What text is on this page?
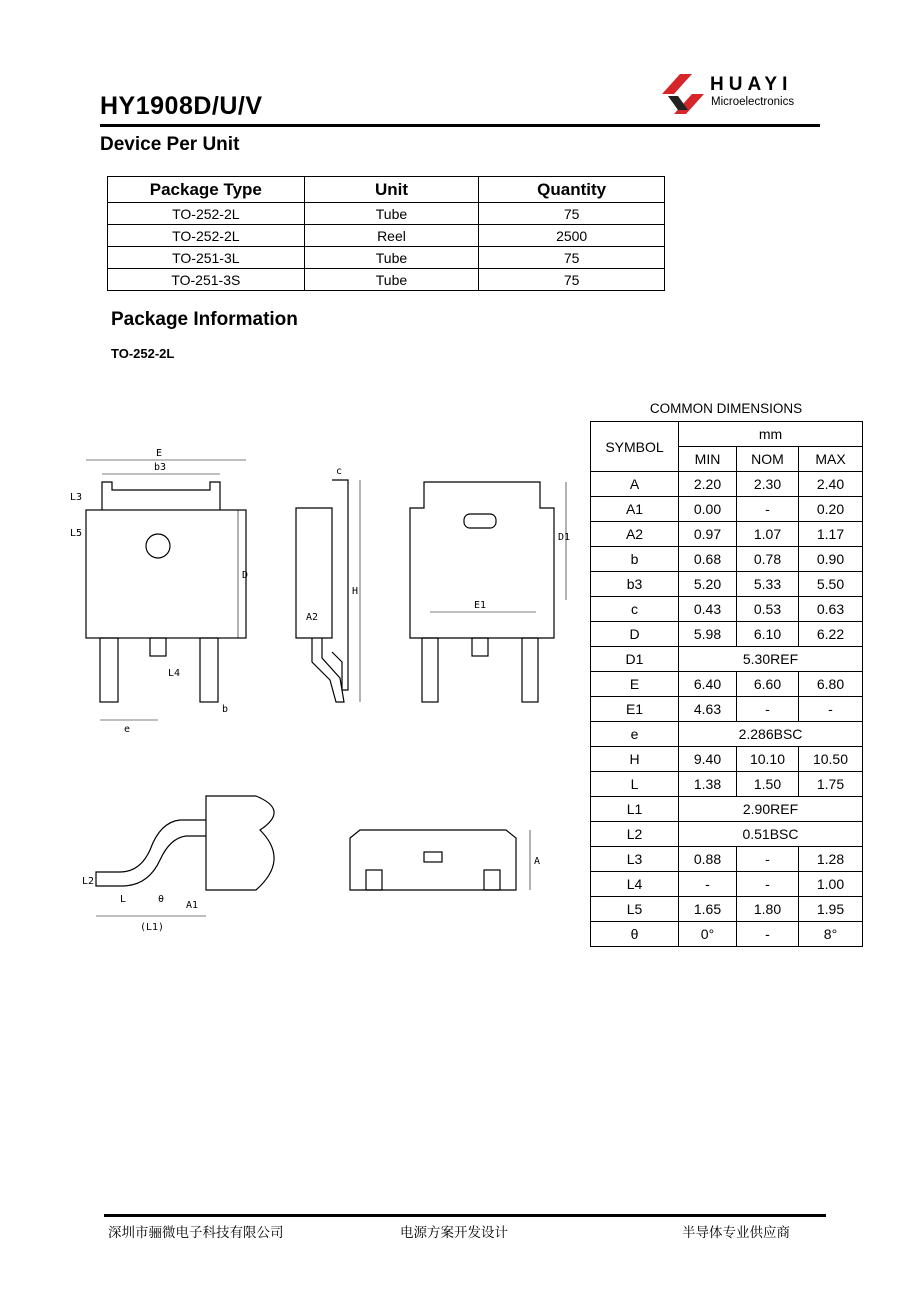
HY1908D/U/V
HUAYI
Microelectronics
Device Per Unit
Package Type	Unit	Quantity
TO-252-2L	Tube	75
TO-252-2L	Reel	2500
TO-251-3L	Tube	75
TO-251-3S	Tube	75
Package Information
TO-252-2L
E
b3
L3
L5
D
L4
e
b
c
A2
H
D1
E1
L2
L	θ
(L1)
A1
A
COMMON DIMENSIONS
SYMBOL	mm		
	MIN	NOM	MAX
A	2.20	2.30	2.40
A1	0.00	-	0.20
A2	0.97	1.07	1.17
b	0.68	0.78	0.90
b3	5.20	5.33	5.50
c	0.43	0.53	0.63
D	5.98	6.10	6.22
D1	5.30REF		
E	6.40	6.60	6.80
E1	4.63	-	-
e	2.286BSC		
H	9.40	10.10	10.50
L	1.38	1.50	1.75
L1	2.90REF		
L2	0.51BSC		
L3	0.88	-	1.28
L4	-	-	1.00
L5	1.65	1.80	1.95
θ	0°	-	8°
深圳市骊微电子科技有限公司	电源方案开发设计	半导体专业供应商
